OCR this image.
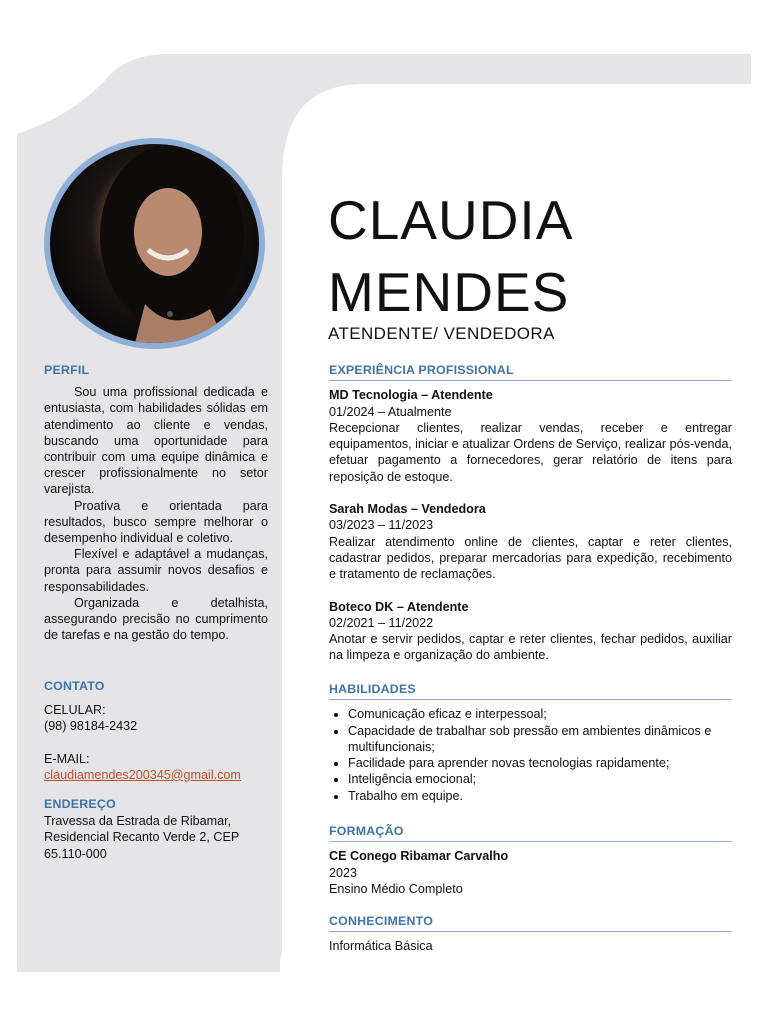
PERFIL

Sou uma profissional dedicada e entusiasta, com habilidades sólidas em atendimento ao cliente e vendas, buscando uma oportunidade para contribuir com uma equipe dinâmica e crescer profissionalmente no setor varejista.

Proativa e orientada para resultados, busco sempre melhorar o desempenho individual e coletivo.

Flexível e adaptável a mudanças, pronta para assumir novos desafios e responsabilidades.

Organizada e detalhista, assegurando precisão no cumprimento de tarefas e na gestão do tempo.

CONTATO
CELULAR:
(98) 98184-2432
E-MAIL:
claudiamendes200345@gmail.com
ENDEREÇO
Travessa da Estrada de Ribamar,
Residencial Recanto Verde 2, CEP
65.110-000
CLAUDIA
MENDES
ATENDENTE/ VENDEDORA
EXPERIÊNCIA PROFISSIONAL
MD Tecnologia – Atendente
01/2024 – Atualmente
Recepcionar clientes, realizar vendas, receber e entregar equipamentos, iniciar e atualizar Ordens de Serviço, realizar pós-venda, efetuar pagamento a fornecedores, gerar relatório de itens para reposição de estoque.
Sarah Modas – Vendedora
03/2023 – 11/2023
Realizar atendimento online de clientes, captar e reter clientes, cadastrar pedidos, preparar mercadorias para expedição, recebimento e tratamento de reclamações.
Boteco DK – Atendente
02/2021 – 11/2022
Anotar e servir pedidos, captar e reter clientes, fechar pedidos, auxiliar na limpeza e organização do ambiente.
HABILIDADES
• Comunicação eficaz e interpessoal;
• Capacidade de trabalhar sob pressão em ambientes dinâmicos e multifuncionais;
• Facilidade para aprender novas tecnologias rapidamente;
• Inteligência emocional;
• Trabalho em equipe.
FORMAÇÃO
CE Conego Ribamar Carvalho
2023
Ensino Médio Completo
CONHECIMENTO
Informática Básica
